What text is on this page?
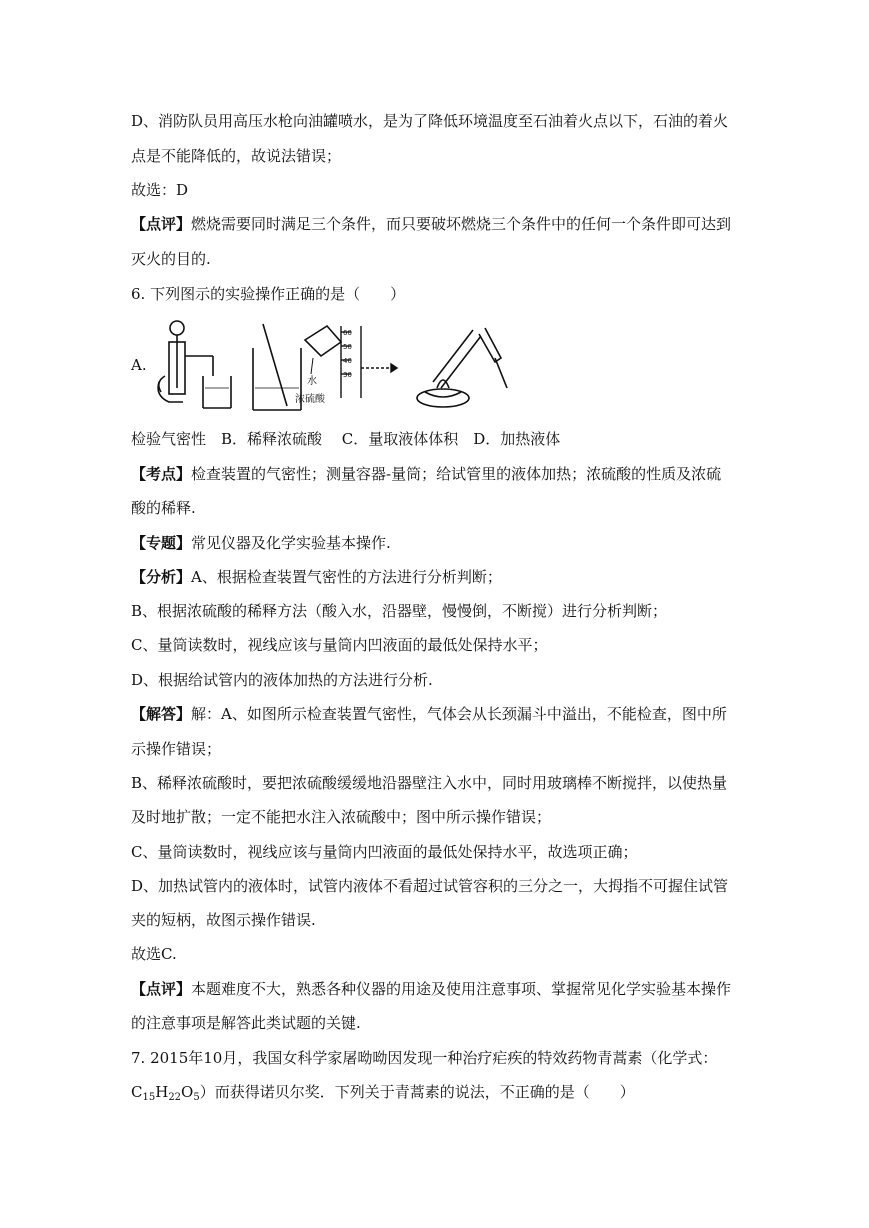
D、消防队员用高压水枪向油罐喷水，是为了降低环境温度至石油着火点以下，石油的着火
点是不能降低的，故说法错误；
故选：D
【点评】燃烧需要同时满足三个条件，而只要破坏燃烧三个条件中的任何一个条件即可达到
灭火的目的.
6. 下列图示的实验操作正确的是（　　）
A.
水
浓硫酸
60
50
40
30
检验气密性　B．稀释浓硫酸　 C．量取液体体积　D．加热液体
【考点】检查装置的气密性；测量容器-量筒；给试管里的液体加热；浓硫酸的性质及浓硫
酸的稀释.
【专题】常见仪器及化学实验基本操作.
【分析】A、根据检查装置气密性的方法进行分析判断；
B、根据浓硫酸的稀释方法（酸入水，沿器壁，慢慢倒，不断搅）进行分析判断；
C、量筒读数时，视线应该与量筒内凹液面的最低处保持水平；
D、根据给试管内的液体加热的方法进行分析.
【解答】解：A、如图所示检查装置气密性，气体会从长颈漏斗中溢出，不能检查，图中所
示操作错误；
B、稀释浓硫酸时，要把浓硫酸缓缓地沿器壁注入水中，同时用玻璃棒不断搅拌，以使热量
及时地扩散；一定不能把水注入浓硫酸中；图中所示操作错误；
C、量筒读数时，视线应该与量筒内凹液面的最低处保持水平，故选项正确；
D、加热试管内的液体时，试管内液体不看超过试管容积的三分之一，大拇指不可握住试管
夹的短柄，故图示操作错误.
故选C.
【点评】本题难度不大，熟悉各种仪器的用途及使用注意事项、掌握常见化学实验基本操作
的注意事项是解答此类试题的关键.
7. 2015年10月，我国女科学家屠呦呦因发现一种治疗疟疾的特效药物青蒿素（化学式：
$C_{15}H_{22}O_5$）而获得诺贝尔奖．下列关于青蒿素的说法，不正确的是（　　）
